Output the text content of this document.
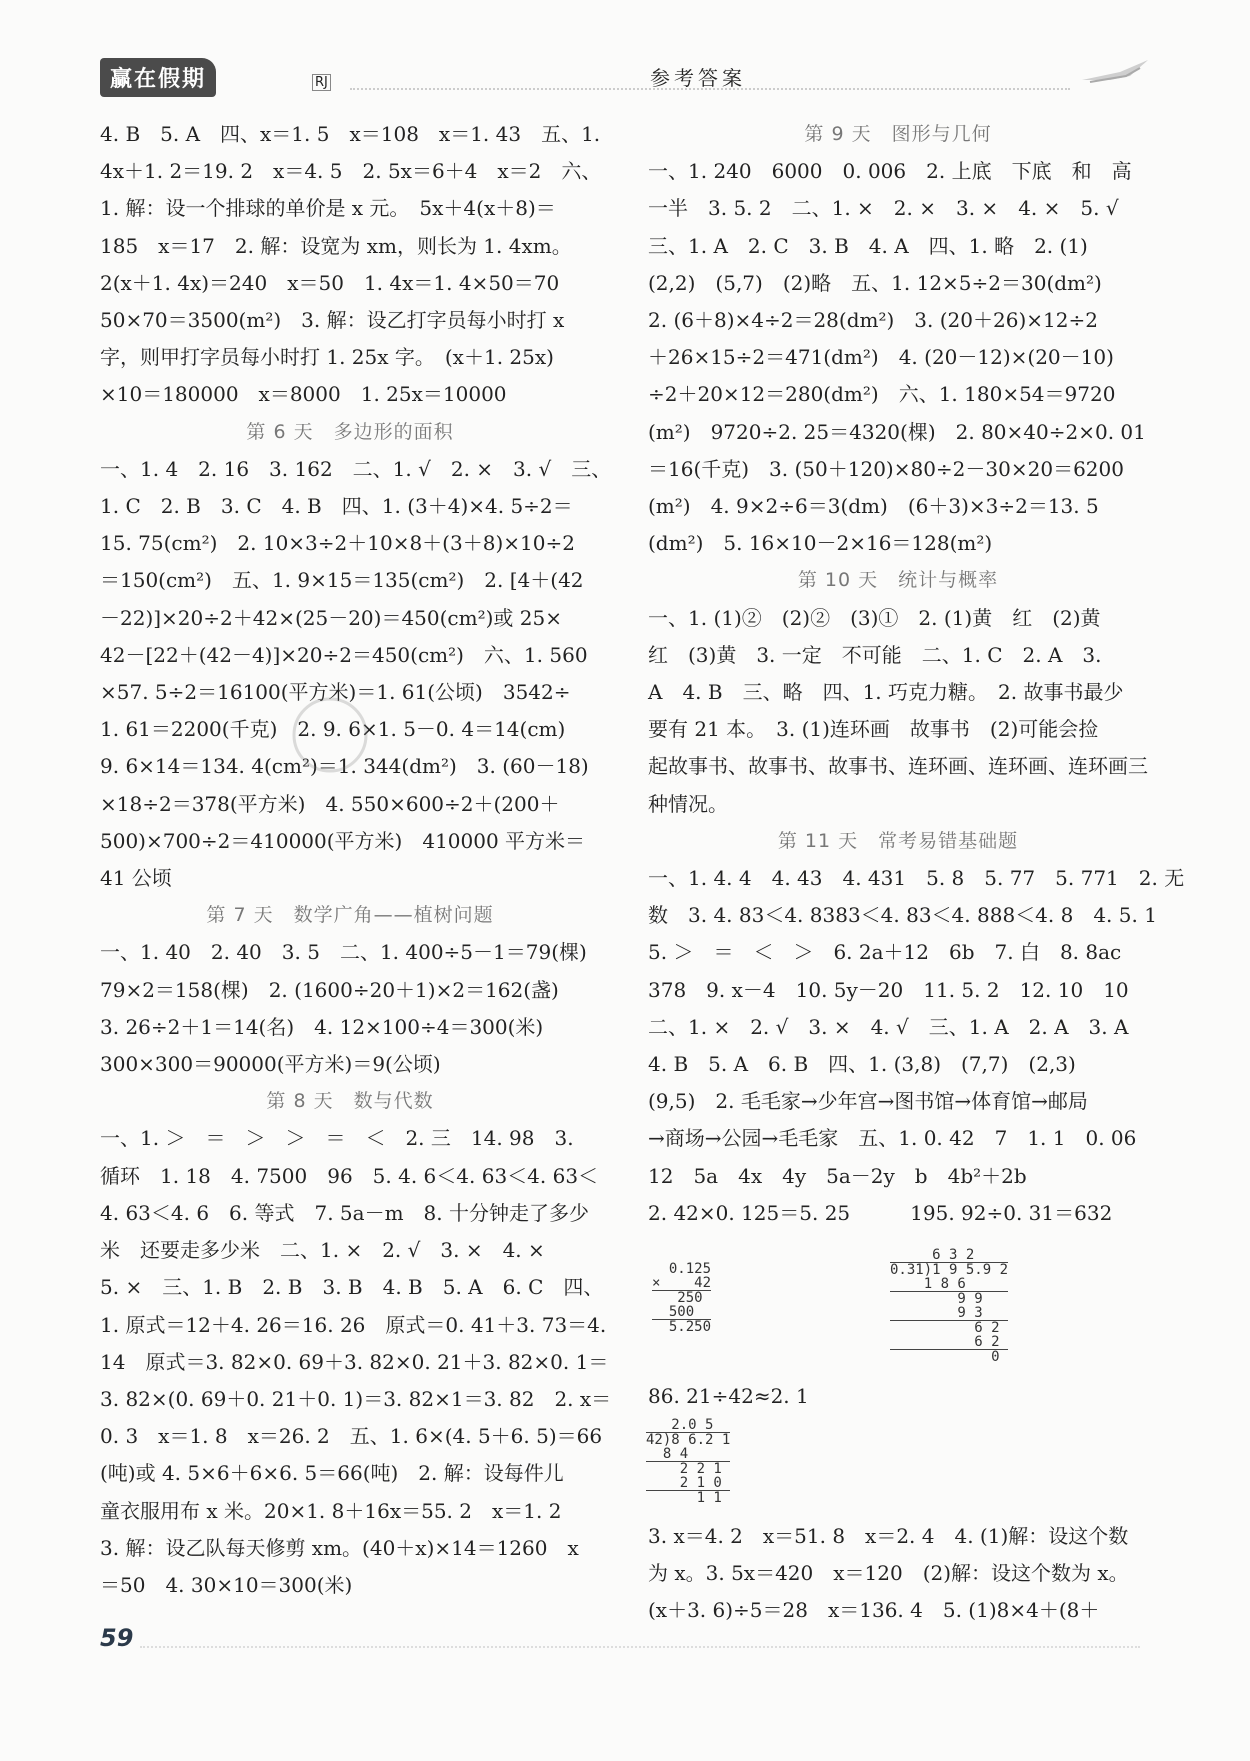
赢在假期	RJ	参考答案
4. B　5. A　四、x＝1. 5　x＝108　x＝1. 43　五、1.
4x＋1. 2＝19. 2　x＝4. 5　2. 5x＝6＋4　x＝2　六、
1. 解：设一个排球的单价是 x 元。　5x＋4(x＋8)＝
185　x＝17　2. 解：设宽为 xm，则长为 1. 4xm。
2(x＋1. 4x)＝240　x＝50　1. 4x＝1. 4×50＝70
50×70＝3500(m²)　3. 解：设乙打字员每小时打 x
字，则甲打字员每小时打 1. 25x 字。　(x＋1. 25x)
×10＝180000　x＝8000　1. 25x＝10000
第 6 天　多边形的面积
一、1. 4　2. 16　3. 162　二、1. √　2. ×　3. √　三、
1. C　2. B　3. C　4. B　四、1. (3＋4)×4. 5÷2＝
15. 75(cm²)　2. 10×3÷2＋10×8＋(3＋8)×10÷2
＝150(cm²)　五、1. 9×15＝135(cm²)　2. [4＋(42
－22)]×20÷2＋42×(25－20)＝450(cm²)或 25×
42－[22＋(42－4)]×20÷2＝450(cm²)　六、1. 560
×57. 5÷2＝16100(平方米)＝1. 61(公顷)　3542÷
1. 61＝2200(千克)　2. 9. 6×1. 5－0. 4＝14(cm)
9. 6×14＝134. 4(cm²)＝1. 344(dm²)　3. (60－18)
×18÷2＝378(平方米)　4. 550×600÷2＋(200＋
500)×700÷2＝410000(平方米)　410000 平方米＝
41 公顷
第 7 天　数学广角——植树问题
一、1. 40　2. 40　3. 5　二、1. 400÷5－1＝79(棵)
79×2＝158(棵)　2. (1600÷20＋1)×2＝162(盏)
3. 26÷2＋1＝14(名)　4. 12×100÷4＝300(米)
300×300＝90000(平方米)＝9(公顷)
第 8 天　数与代数
一、1. ＞　＝　＞　＞　＝　＜　2. 三　14. 98　3.
循环　1. 18　4. 7500　96　5. 4. 6＜4. 63＜4. 63＜
4. 63＜4. 6　6. 等式　7. 5a－m　8. 十分钟走了多少
米　还要走多少米　二、1. ×　2. √　3. ×　4. ×
5. ×　三、1. B　2. B　3. B　4. B　5. A　6. C　四、
1. 原式＝12＋4. 26＝16. 26　原式＝0. 41＋3. 73＝4.
14　原式＝3. 82×0. 69＋3. 82×0. 21＋3. 82×0. 1＝
3. 82×(0. 69＋0. 21＋0. 1)＝3. 82×1＝3. 82　2. x＝
0. 3　x＝1. 8　x＝26. 2　五、1. 6×(4. 5＋6. 5)＝66
(吨)或 4. 5×6＋6×6. 5＝66(吨)　2. 解：设每件儿
童衣服用布 x 米。20×1. 8＋16x＝55. 2　x＝1. 2
3. 解：设乙队每天修剪 xm。(40＋x)×14＝1260　x
＝50　4. 30×10＝300(米)
第 9 天　图形与几何
一、1. 240　6000　0. 006　2. 上底　下底　和　高
一半　3. 5. 2　二、1. ×　2. ×　3. ×　4. ×　5. √
三、1. A　2. C　3. B　4. A　四、1. 略　2. (1)
(2,2)　(5,7)　(2)略　五、1. 12×5÷2＝30(dm²)
2. (6＋8)×4÷2＝28(dm²)　3. (20＋26)×12÷2
＋26×15÷2＝471(dm²)　4. (20－12)×(20－10)
÷2＋20×12＝280(dm²)　六、1. 180×54＝9720
(m²)　9720÷2. 25＝4320(棵)　2. 80×40÷2×0. 01
＝16(千克)　3. (50＋120)×80÷2－30×20＝6200
(m²)　4. 9×2÷6＝3(dm)　(6＋3)×3÷2＝13. 5
(dm²)　5. 16×10－2×16＝128(m²)
第 10 天　统计与概率
一、1. (1)②　(2)②　(3)①　2. (1)黄　红　(2)黄
红　(3)黄　3. 一定　不可能　二、1. C　2. A　3.
A　4. B　三、略　四、1. 巧克力糖。　2. 故事书最少
要有 21 本。　3. (1)连环画　故事书　(2)可能会捡
起故事书、故事书、故事书、连环画、连环画、连环画三
种情况。
第 11 天　常考易错基础题
一、1. 4. 4　4. 43　4. 431　5. 8　5. 77　5. 771　2. 无
数　3. 4. 83＜4. 8383＜4. 83＜4. 888＜4. 8　4. 5. 1
5. ＞　＝　＜　＞　6. 2a＋12　6b　7. 白　8. 8ac
378　9. x－4　10. 5y－20　11. 5. 2　12. 10　10
二、1. ×　2. √　3. ×　4. √　三、1. A　2. A　3. A
4. B　5. A　6. B　四、1. (3,8)　(7,7)　(2,3)
(9,5)　2. 毛毛家→少年宫→图书馆→体育馆→邮局
→商场→公园→毛毛家　五、1. 0. 42　7　1. 1　0. 06
12　5a　4x　4y　5a－2y　b　4b²＋2b
2. 42×0. 125＝5. 25　　　195. 92÷0. 31＝632
0.125
×    42
250
500
5.250
6 3 2
0.31)1 9 5.9 2
1 8 6
9 9
9 3
6 2
6 2
0
86. 21÷42≈2. 1
2.0 5
42)8 6.2 1
8 4
2 2 1
2 1 0
1 1
3. x＝4. 2　x＝51. 8　x＝2. 4　4. (1)解：设这个数
为 x。3. 5x＝420　x＝120　(2)解：设这个数为 x。
(x＋3. 6)÷5＝28　x＝136. 4　5. (1)8×4＋(8＋
59
